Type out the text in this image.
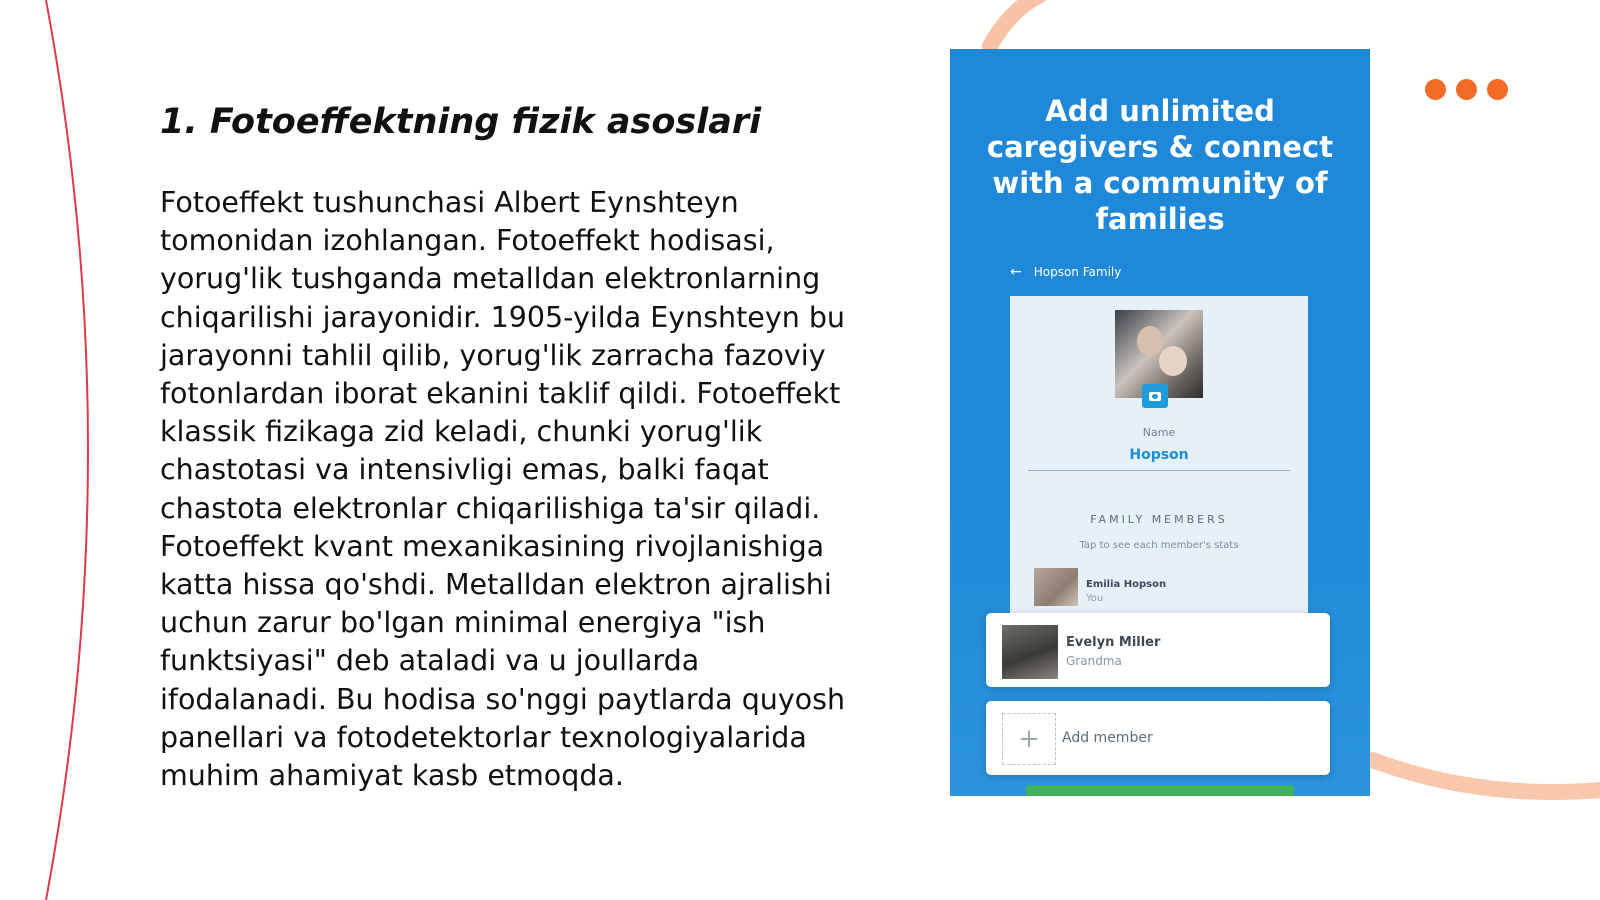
1. Fotoeffektning fizik asoslari

Fotoeffekt tushunchasi Albert Eynshteyn tomonidan izohlangan. Fotoeffekt hodisasi, yorug'lik tushganda metalldan elektronlarning chiqarilishi jarayonidir. 1905-yilda Eynshteyn bu jarayonni tahlil qilib, yorug'lik zarracha fazoviy fotonlardan iborat ekanini taklif qildi. Fotoeffekt klassik fizikaga zid keladi, chunki yorug'lik chastotasi va intensivligi emas, balki faqat chastota elektronlar chiqarilishiga ta'sir qiladi. Fotoeffekt kvant mexanikasining rivojlanishiga katta hissa qo'shdi. Metalldan elektron ajralishi uchun zarur bo'lgan minimal energiya "ish funktsiyasi" deb ataladi va u joullarda ifodalanadi. Bu hodisa so'nggi paytlarda quyosh panellari va fotodetektorlar texnologiyalarida muhim ahamiyat kasb etmoqda.

Add unlimited caregivers & connect with a community of families
← Hopson Family
Name
Hopson
FAMILY MEMBERS
Tap to see each member's stats
Emilia Hopson
You
Evelyn Miller
Grandma
+	Add member
